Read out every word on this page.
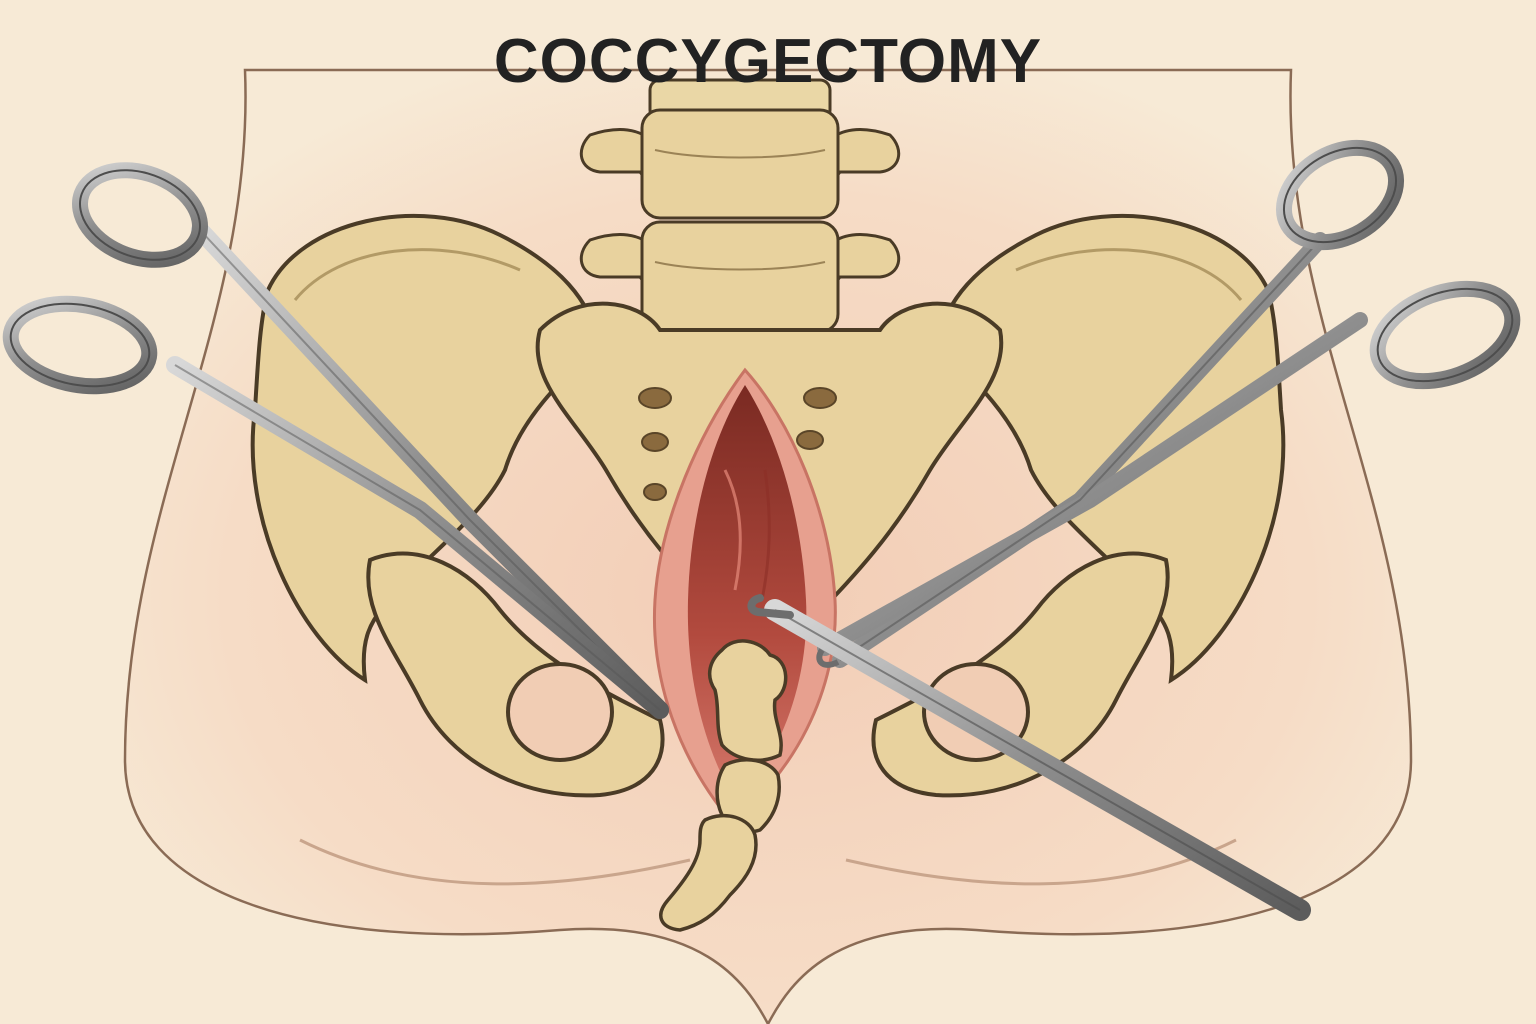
COCCYGECTOMY
